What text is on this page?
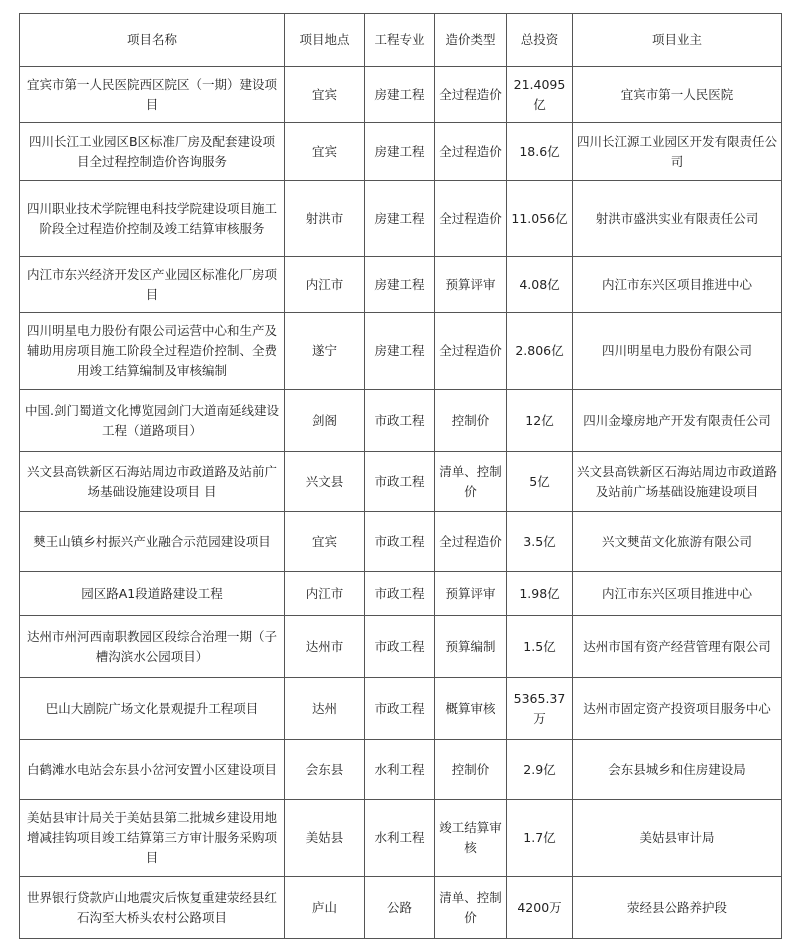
项目名称	项目地点	工程专业	造价类型	总投资	项目业主
宜宾市第一人民医院西区院区（一期）建设项目	宜宾	房建工程	全过程造价	21.4095亿	宜宾市第一人民医院
四川长江工业园区B区标准厂房及配套建设项目全过程控制造价咨询服务	宜宾	房建工程	全过程造价	18.6亿	四川长江源工业园区开发有限责任公司
四川职业技术学院锂电科技学院建设项目施工阶段全过程造价控制及竣工结算审核服务	射洪市	房建工程	全过程造价	11.056亿	射洪市盛洪实业有限责任公司
内江市东兴经济开发区产业园区标准化厂房项目	内江市	房建工程	预算评审	4.08亿	内江市东兴区项目推进中心
四川明星电力股份有限公司运营中心和生产及辅助用房项目施工阶段全过程造价控制、全费用竣工结算编制及审核编制	遂宁	房建工程	全过程造价	2.806亿	四川明星电力股份有限公司
中国.剑门蜀道文化博览园剑门大道南延线建设工程（道路项目）	剑阁	市政工程	控制价	12亿	四川金壕房地产开发有限责任公司
兴文县高铁新区石海站周边市政道路及站前广场基础设施建设项目 目	兴文县	市政工程	清单、控制价	5亿	兴文县高铁新区石海站周边市政道路及站前广场基础设施建设项目
僰王山镇乡村振兴产业融合示范园建设项目	宜宾	市政工程	全过程造价	3.5亿	兴文僰苗文化旅游有限公司
园区路A1段道路建设工程	内江市	市政工程	预算评审	1.98亿	内江市东兴区项目推进中心
达州市州河西南职教园区段综合治理一期（子槽沟滨水公园项目）	达州市	市政工程	预算编制	1.5亿	达州市国有资产经营管理有限公司
巴山大剧院广场文化景观提升工程项目	达州	市政工程	概算审核	5365.37万	达州市固定资产投资项目服务中心
白鹤滩水电站会东县小岔河安置小区建设项目	会东县	水利工程	控制价	2.9亿	会东县城乡和住房建设局
美姑县审计局关于美姑县第二批城乡建设用地增减挂钩项目竣工结算第三方审计服务采购项目	美姑县	水利工程	竣工结算审核	1.7亿	美姑县审计局
世界银行贷款庐山地震灾后恢复重建荥经县红石沟至大桥头农村公路项目	庐山	公路	清单、控制价	4200万	荥经县公路养护段
